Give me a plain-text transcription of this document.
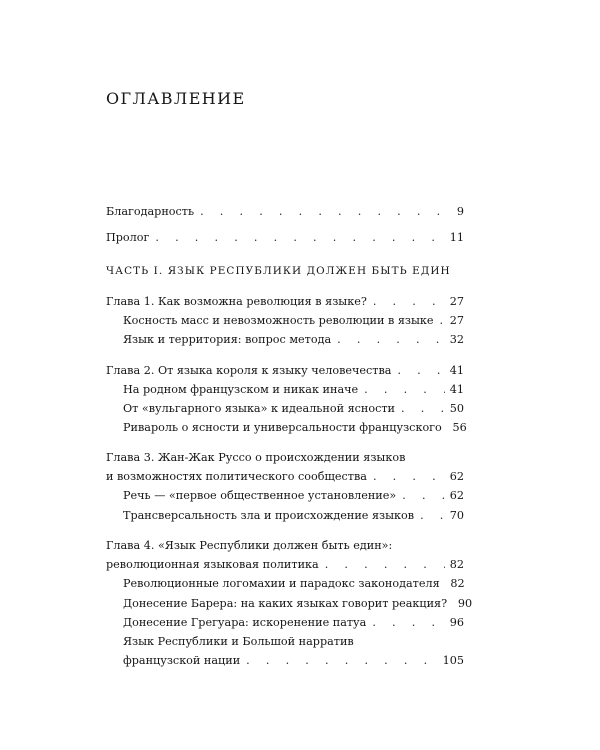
ОГЛАВЛЕНИЕ
Благодарность . . .	9
Пролог . . .	11
ЧАСТЬ I. ЯЗЫК РЕСПУБЛИКИ ДОЛЖЕН БЫТЬ ЕДИН
Глава 1. Как возможна революция в языке? . . .	27
Косность масс и невозможность революции в языке . . . 27
Язык и территория: вопрос метода . . .	32
Глава 2. От языка короля к языку человечества . . .	41
На родном французском и никак иначе . . .	41
От «вульгарного языка» к идеальной ясности . . .	50
Ривароль о ясности и универсальности французского 56
Глава 3. Жан-Жак Руссо о происхождении языков
и возможностях политического сообщества . . .	62
Речь — «первое общественное установление» . . .	62
Трансверсальность зла и происхождение языков . . .	70
Глава 4. «Язык Республики должен быть един»:
революционная языковая политика . . .	82
Революционные логомахии и парадокс законодателя 82
Донесение Барера: на каких языках говорит реакция? 90
Донесение Грегуара: искоренение патуа . . .	96
Язык Республики и Большой нарратив
французской нации . . .	105
